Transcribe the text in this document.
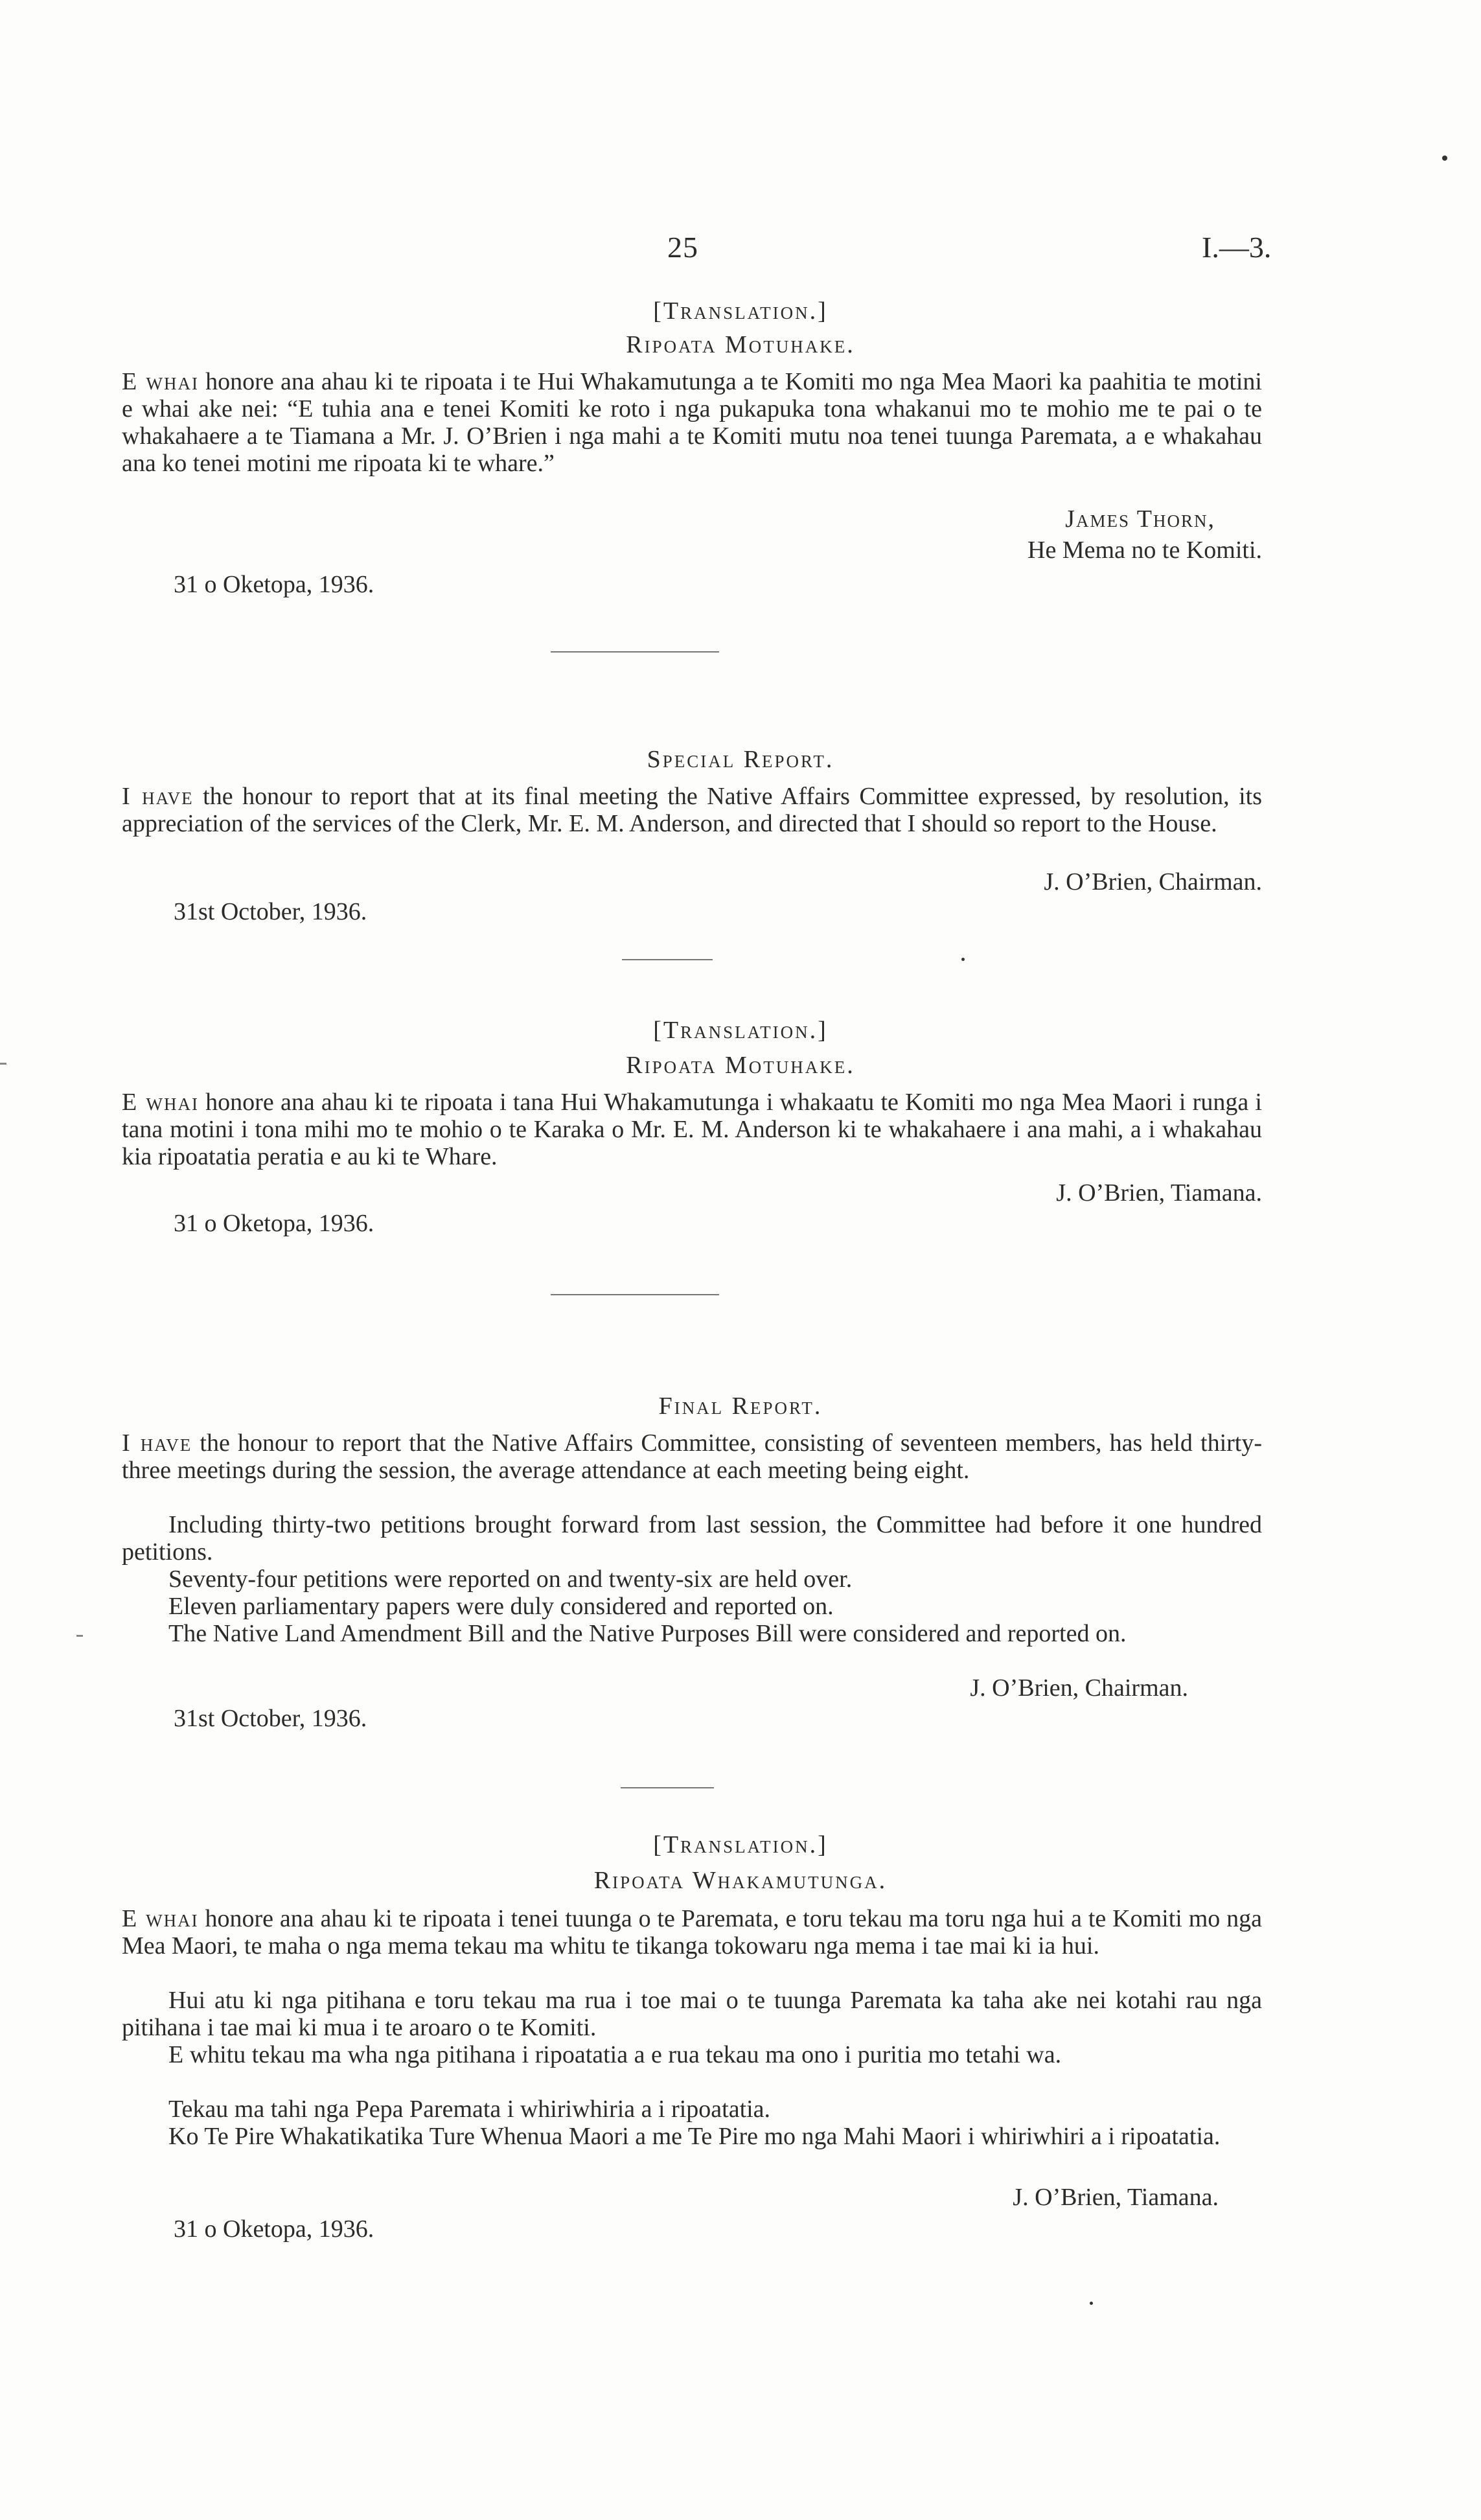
25	I.—3.
[Translation.]
Ripoata Motuhake.
E whai honore ana ahau ki te ripoata i te Hui Whakamutunga a te Komiti mo nga Mea Maori ka paahitia te motini e whai ake nei: “E tuhia ana e tenei Komiti ke roto i nga pukapuka tona whakanui mo te mohio me te pai o te whakahaere a te Tiamana a Mr. J. O’Brien i nga mahi a te Komiti mutu noa tenei tuunga Paremata, a e whakahau ana ko tenei motini me ripoata ki te whare.”
James Thorn,
He Mema no te Komiti.
31 o Oketopa, 1936.
Special Report.
I have the honour to report that at its final meeting the Native Affairs Committee expressed, by resolution, its appreciation of the services of the Clerk, Mr. E. M. Anderson, and directed that I should so report to the House.
J. O’Brien, Chairman.
31st October, 1936.
[Translation.]
Ripoata Motuhake.
E whai honore ana ahau ki te ripoata i tana Hui Whakamutunga i whakaatu te Komiti mo nga Mea Maori i runga i tana motini i tona mihi mo te mohio o te Karaka o Mr. E. M. Anderson ki te whakahaere i ana mahi, a i whakahau kia ripoatatia peratia e au ki te Whare.
J. O’Brien, Tiamana.
31 o Oketopa, 1936.
Final Report.
I have the honour to report that the Native Affairs Committee, consisting of seventeen members, has held thirty-three meetings during the session, the average attendance at each meeting being eight.
Including thirty-two petitions brought forward from last session, the Committee had before it one hundred petitions.
Seventy-four petitions were reported on and twenty-six are held over.
Eleven parliamentary papers were duly considered and reported on.
The Native Land Amendment Bill and the Native Purposes Bill were considered and reported on.
J. O’Brien, Chairman.
31st October, 1936.
[Translation.]
Ripoata Whakamutunga.
E whai honore ana ahau ki te ripoata i tenei tuunga o te Paremata, e toru tekau ma toru nga hui a te Komiti mo nga Mea Maori, te maha o nga mema tekau ma whitu te tikanga tokowaru nga mema i tae mai ki ia hui.
Hui atu ki nga pitihana e toru tekau ma rua i toe mai o te tuunga Paremata ka taha ake nei kotahi rau nga pitihana i tae mai ki mua i te aroaro o te Komiti.
E whitu tekau ma wha nga pitihana i ripoatatia a e rua tekau ma ono i puritia mo tetahi wa.
Tekau ma tahi nga Pepa Paremata i whiriwhiria a i ripoatatia.
Ko Te Pire Whakatikatika Ture Whenua Maori a me Te Pire mo nga Mahi Maori i whiriwhiri a i ripoatatia.
J. O’Brien, Tiamana.
31 o Oketopa, 1936.
